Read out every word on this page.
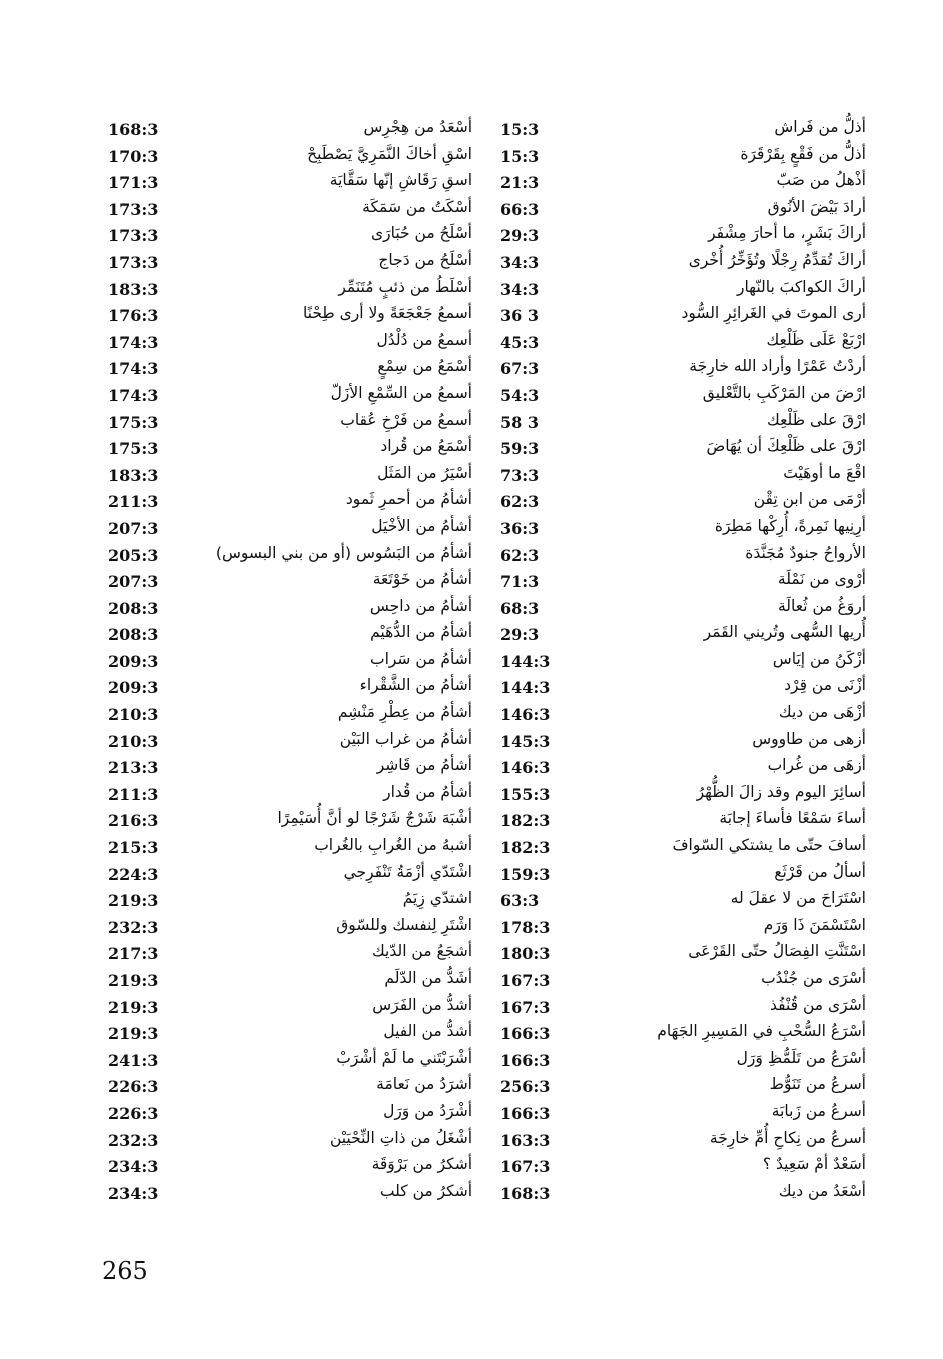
168:3	أسْعَدُ من هِجْرِس
170:3	اسْقِ أخاكَ النَّمَرِيَّ يَصْطَبِحْ
171:3	اسقِ رَقَاشِ إنّها سَقَّايَة
173:3	أسْكَتُ من سَمَكَة
173:3	أسْلَحُ من حُبَارَى
173:3	أسْلَحُ من دَجاج
183:3	أسْلَطُ من ذئبٍ مُتَنَمِّر
176:3	أسمعُ جَعْجَعَةً ولا أرى طِحْنًا
174:3	أسمعُ من دُلْدُل
174:3	أسْمَعُ من سِمْعٍ
174:3	أسمعُ من السِّمْعِ الأزَلّ
175:3	أسمعُ من فَرْخِ عُقاب
175:3	أسْمَعُ من قُراد
183:3	أسْيَرُ من المَثَل
211:3	أشأمُ من أحمرِ ثَمود
207:3	أشأمُ من الأخْيَل
205:3	أشأمُ من البَسُوس (أو من بني البسوس)
207:3	أشأمُ من خَوْتَعَة
208:3	أشأمُ من داحِس
208:3	أشأمُ من الدُّهَيْم
209:3	أشأمُ من سَراب
209:3	أشأمُ من الشَّقْراء
210:3	أشأمُ من عِطْرِ مَنْشِم
210:3	أشأمُ من غراب البَيْن
213:3	أشأمُ من قَاشِر
211:3	أشأمُ من قُدار
216:3	أشْبَهَ شَرْجٌ شَرْجًا لو أنَّ أُسَيْمِرًا
215:3	أشبهُ من الغُرابِ بالغُراب
224:3	اشْتَدّي أزْمَةُ تَنْفَرِجي
219:3	اشتدّي زِيَمُ
232:3	اشْتَرِ لِنفسك وللسّوق
217:3	أشجَعُ من الدّيك
219:3	أشَدُّ من الدّلَم
219:3	أشدُّ من الفَرَس
219:3	أشدُّ من الفيل
241:3	أشْرَبْتَني ما لَمْ أشْرَبْ
226:3	أشرَدُ من نَعامَة
226:3	أشْرَدُ من وَرَل
232:3	أشْغَلُ من ذاتِ النِّحْيَيْن
234:3	أشكرُ من بَرْوَقَة
234:3	أشكرُ من كلب
15:3	أذلُّ من فَراش
15:3	أذلُّ من فَقْعٍ بِقَرْقَرَة
21:3	أذْهلُ من صَبّ
66:3	أرادَ بَيْضَ الأنُوق
29:3	أراكَ بَشَرٍ، ما أحارَ مِشْفَر
34:3	أراكَ تُقدِّمُ رِجْلًا وتُؤَخِّرُ أُخْرى
34:3	أراكَ الكواكبَ بالنّهار
36 3	أرى الموتَ في الغَرائِرِ السُّود
45:3	ارْبَعْ عَلَى ظَلْعِك
67:3	أردْتُ عَمْرًا وأراد الله خارِجَة
54:3	ارْضَ من المَرْكَبِ بالتَّعْليق
58 3	ارْقَ على ظَلْعِك
59:3	ارْقَ على ظَلْعِكَ أن يُهَاضَ
73:3	اقْعَ ما أوهَيْتَ
62:3	أرْمَى من ابن تِقْن
36:3	أرِنِيها نَمِرةً، أُرِكْها مَطِرَة
62:3	الأرواحُ جنودٌ مُجَنَّدَة
71:3	أرْوى من نَمْلَة
68:3	أروَغُ من ثُعالَة
29:3	أُريها السُّهى وتُريني القَمَر
144:3	أزْكَنُ من إيَاس
144:3	أزْنَى من قِرْد
146:3	أزْهَى من ديك
145:3	أزهى من طاووس
146:3	أزهَى من غُراب
155:3	أسائِرَ اليوم وقد زالَ الظُّهْرُ
182:3	أساءَ سَمْعًا فأساءَ إجابَة
182:3	أسافَ حتّى ما يشتكي السّوافَ
159:3	أسألُ من قَرْثَع
63:3	اسْتَرَاحَ من لا عقلَ له
178:3	اسْتَسْمَنَ ذَا وَرَم
180:3	اسْتَنَّتِ الفِصَالُ حتّى القَرْعَى
167:3	أسْرَى من جُنْدُب
167:3	أسْرَى من قُنْفُذ
166:3	أسْرَعُ السُّحْبِ في المَسِيرِ الجَهَام
166:3	أسْرَعُ من تَلَمُّظِ وَرَل
256:3	أسرعُ من تَنَوُّط
166:3	أسرعُ من زَبابَة
163:3	أسرعُ من نِكاحِ أُمِّ خارِجَة
167:3	أسَعْدٌ أمْ سَعِيدٌ ؟
168:3	أسْعَدُ من ديك
265
